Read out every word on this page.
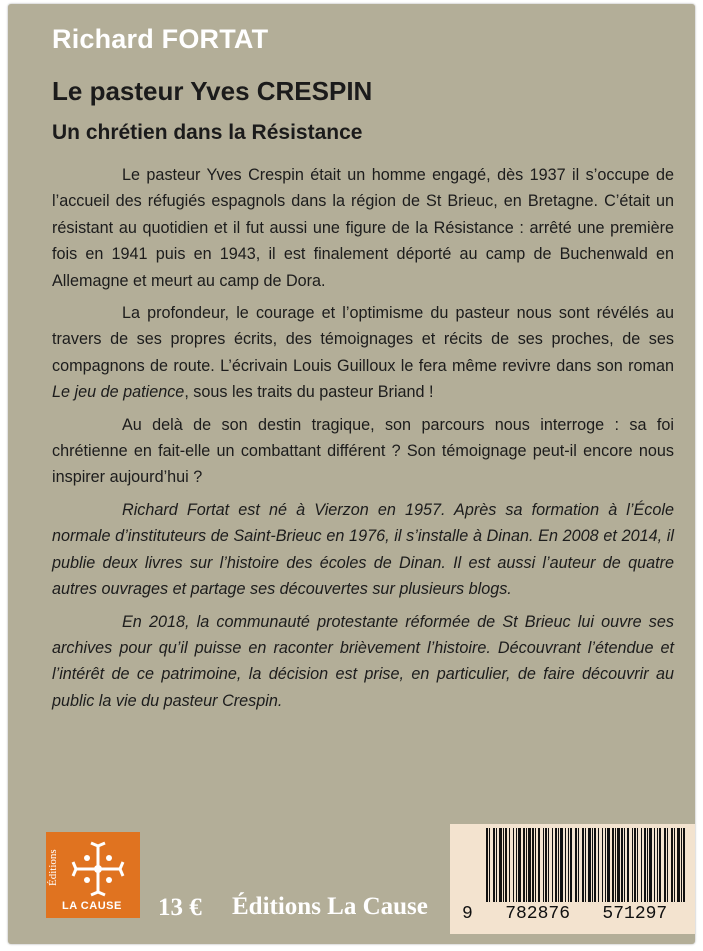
Richard FORTAT
Le pasteur Yves CRESPIN
Un chrétien dans la Résistance

Le pasteur Yves Crespin était un homme engagé, dès 1937 il s’occupe de l’accueil des réfugiés espagnols dans la région de St Brieuc, en Bretagne. C’était un résistant au quotidien et il fut aussi une figure de la Résistance : arrêté une première fois en 1941 puis en 1943, il est finalement déporté au camp de Buchenwald en Allemagne et meurt au camp de Dora.

La profondeur, le courage et l’optimisme du pasteur nous sont révélés au travers de ses propres écrits, des témoignages et récits de ses proches, de ses compagnons de route. L’écrivain Louis Guilloux le fera même revivre dans son roman Le jeu de patience, sous les traits du pasteur Briand !

Au delà de son destin tragique, son parcours nous interroge : sa foi chrétienne en fait-elle un combattant différent ? Son témoignage peut-il encore nous inspirer aujourd’hui ?

Richard Fortat est né à Vierzon en 1957. Après sa formation à l’École normale d’instituteurs de Saint-Brieuc en 1976, il s’installe à Dinan. En 2008 et 2014, il publie deux livres sur l’histoire des écoles de Dinan. Il est aussi l’auteur de quatre autres ouvrages et partage ses découvertes sur plusieurs blogs.

En 2018, la communauté protestante réformée de St Brieuc lui ouvre ses archives pour qu’il puisse en raconter brièvement l’histoire. Découvrant l’étendue et l’intérêt de ce patrimoine, la décision est prise, en particulier, de faire découvrir au public la vie du pasteur Crespin.

Éditions
LA CAUSE 13 € Éditions La Cause 9   782876   571297
